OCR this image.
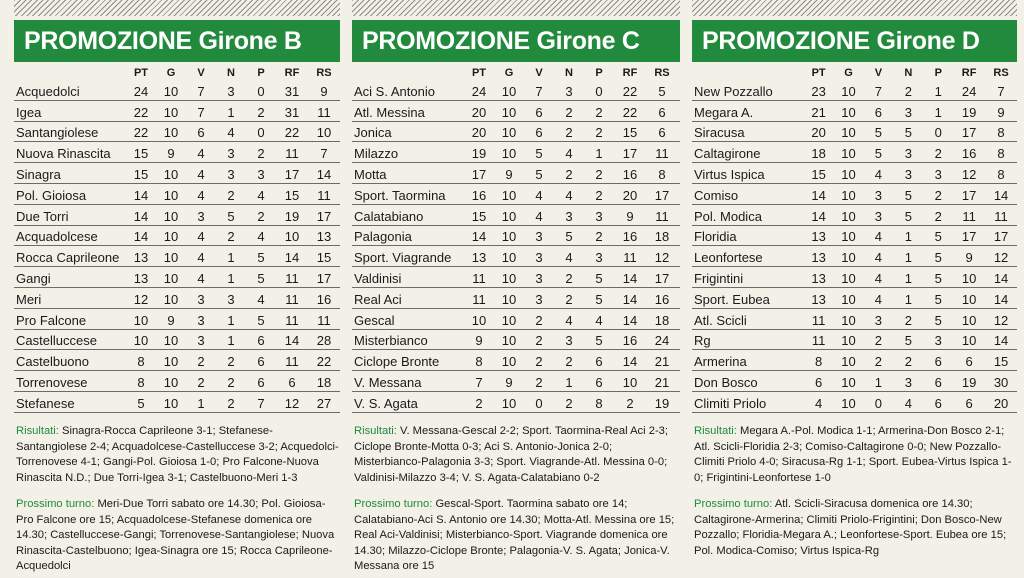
PROMOZIONE Girone B
PT	G	V	N	P	RF	RS
Acquedolci	24	10	7	3	0	31	9
Igea	22	10	7	1	2	31	11
Santangiolese	22	10	6	4	0	22	10
Nuova Rinascita	15	9	4	3	2	11	7
Sinagra	15	10	4	3	3	17	14
Pol. Gioiosa	14	10	4	2	4	15	11
Due Torri	14	10	3	5	2	19	17
Acquadolcese	14	10	4	2	4	10	13
Rocca Caprileone	13	10	4	1	5	14	15
Gangi	13	10	4	1	5	11	17
Meri	12	10	3	3	4	11	16
Pro Falcone	10	9	3	1	5	11	11
Castelluccese	10	10	3	1	6	14	28
Castelbuono	8	10	2	2	6	11	22
Torrenovese	8	10	2	2	6	6	18
Stefanese	5	10	1	2	7	12	27
Risultati: Sinagra-Rocca Caprileone 3-1; Stefanese-Santangiolese 2-4; Acquadolcese-Castelluccese 3-2; Acquedolci-Torrenovese 4-1; Gangi-Pol. Gioiosa 1-0; Pro Falcone-Nuova Rinascita N.D.; Due Torri-Igea 3-1; Castelbuono-Meri 1-3
Prossimo turno: Meri-Due Torri sabato ore 14.30; Pol. Gioiosa-Pro Falcone ore 15; Acquadolcese-Stefanese domenica ore 14.30; Castelluccese-Gangi; Torrenovese-Santangiolese; Nuova Rinascita-Castelbuono; Igea-Sinagra ore 15; Rocca Caprileone-Acquedolci
PROMOZIONE Girone C
PT	G	V	N	P	RF	RS
Aci S. Antonio	24	10	7	3	0	22	5
Atl. Messina	20	10	6	2	2	22	6
Jonica	20	10	6	2	2	15	6
Milazzo	19	10	5	4	1	17	11
Motta	17	9	5	2	2	16	8
Sport. Taormina	16	10	4	4	2	20	17
Calatabiano	15	10	4	3	3	9	11
Palagonia	14	10	3	5	2	16	18
Sport. Viagrande	13	10	3	4	3	11	12
Valdinisi	11	10	3	2	5	14	17
Real Aci	11	10	3	2	5	14	16
Gescal	10	10	2	4	4	14	18
Misterbianco	9	10	2	3	5	16	24
Ciclope Bronte	8	10	2	2	6	14	21
V. Messana	7	9	2	1	6	10	21
V. S. Agata	2	10	0	2	8	2	19
Risultati: V. Messana-Gescal 2-2; Sport. Taormina-Real Aci 2-3; Ciclope Bronte-Motta 0-3; Aci S. Antonio-Jonica 2-0; Misterbianco-Palagonia 3-3; Sport. Viagrande-Atl. Messina 0-0; Valdinisi-Milazzo 3-4; V. S. Agata-Calatabiano 0-2
Prossimo turno: Gescal-Sport. Taormina sabato ore 14; Calatabiano-Aci S. Antonio ore 14.30; Motta-Atl. Messina ore 15; Real Aci-Valdinisi; Misterbianco-Sport. Viagrande domenica ore 14.30; Milazzo-Ciclope Bronte; Palagonia-V. S. Agata; Jonica-V. Messana ore 15
PROMOZIONE Girone D
PT	G	V	N	P	RF	RS
New Pozzallo	23	10	7	2	1	24	7
Megara A.	21	10	6	3	1	19	9
Siracusa	20	10	5	5	0	17	8
Caltagirone	18	10	5	3	2	16	8
Virtus Ispica	15	10	4	3	3	12	8
Comiso	14	10	3	5	2	17	14
Pol. Modica	14	10	3	5	2	11	11
Floridia	13	10	4	1	5	17	17
Leonfortese	13	10	4	1	5	9	12
Frigintini	13	10	4	1	5	10	14
Sport. Eubea	13	10	4	1	5	10	14
Atl. Scicli	11	10	3	2	5	10	12
Rg	11	10	2	5	3	10	14
Armerina	8	10	2	2	6	6	15
Don Bosco	6	10	1	3	6	19	30
Climiti Priolo	4	10	0	4	6	6	20
Risultati: Megara A.-Pol. Modica 1-1; Armerina-Don Bosco 2-1; Atl. Scicli-Floridia 2-3; Comiso-Caltagirone 0-0; New Pozzallo-Climiti Priolo 4-0; Siracusa-Rg 1-1; Sport. Eubea-Virtus Ispica 1-0; Frigintini-Leonfortese 1-0
Prossimo turno: Atl. Scicli-Siracusa domenica ore 14.30; Caltagirone-Armerina; Climiti Priolo-Frigintini; Don Bosco-New Pozzallo; Floridia-Megara A.; Leonfortese-Sport. Eubea ore 15; Pol. Modica-Comiso; Virtus Ispica-Rg
